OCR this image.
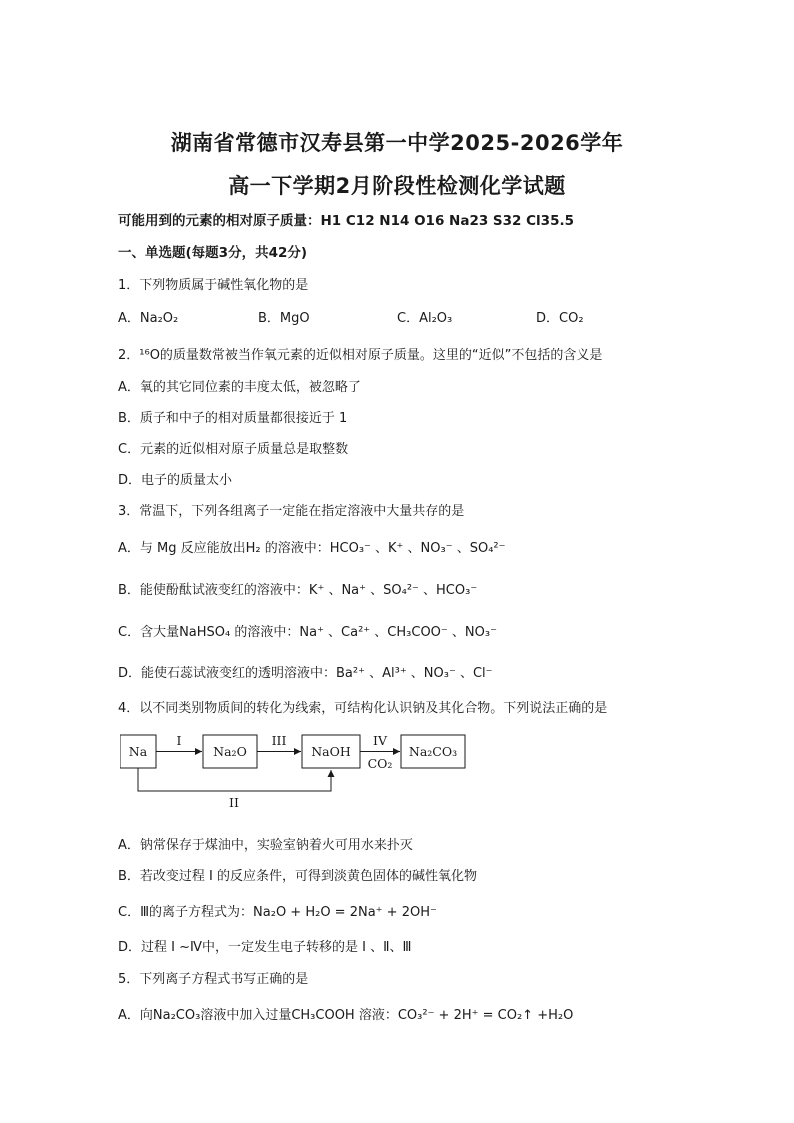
湖南省常德市汉寿县第一中学2025-2026学年
高一下学期2月阶段性检测化学试题
可能用到的元素的相对原子质量：H1 C12 N14 O16 Na23 S32 Cl35.5
一、单选题(每题3分，共42分)
1．下列物质属于碱性氧化物的是
A．Na₂O₂	B．MgO	C．Al₂O₃	D．CO₂
2．¹⁶O的质量数常被当作氧元素的近似相对原子质量。这里的“近似”不包括的含义是
A．氧的其它同位素的丰度太低，被忽略了
B．质子和中子的相对质量都很接近于 1
C．元素的近似相对原子质量总是取整数
D．电子的质量太小
3．常温下，下列各组离子一定能在指定溶液中大量共存的是
A．与 Mg 反应能放出H₂ 的溶液中：HCO₃⁻ 、K⁺ 、NO₃⁻ 、SO₄²⁻
B．能使酚酞试液变红的溶液中：K⁺ 、Na⁺ 、SO₄²⁻ 、HCO₃⁻
C．含大量NaHSO₄ 的溶液中：Na⁺ 、Ca²⁺ 、CH₃COO⁻ 、NO₃⁻
D．能使石蕊试液变红的透明溶液中：Ba²⁺ 、Al³⁺ 、NO₃⁻ 、Cl⁻
4．以不同类别物质间的转化为线索，可结构化认识钠及其化合物。下列说法正确的是
Na	Na₂O	NaOH	Na₂CO₃
I	III	IV
CO₂
II
A．钠常保存于煤油中，实验室钠着火可用水来扑灭
B．若改变过程 I 的反应条件，可得到淡黄色固体的碱性氧化物
C．Ⅲ的离子方程式为：Na₂O + H₂O = 2Na⁺ + 2OH⁻
D．过程 I ~Ⅳ中，一定发生电子转移的是 I 、Ⅱ、Ⅲ
5．下列离子方程式书写正确的是
A．向Na₂CO₃溶液中加入过量CH₃COOH 溶液：CO₃²⁻ + 2H⁺ = CO₂↑ +H₂O
